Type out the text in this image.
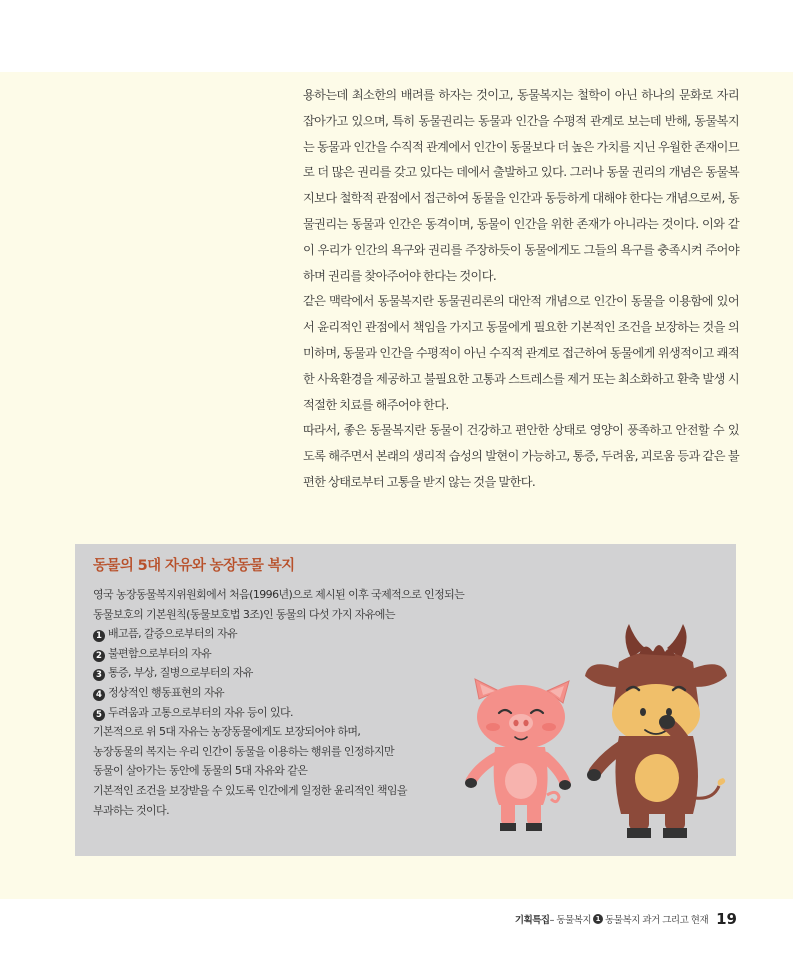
용하는데 최소한의 배려를 하자는 것이고, 동물복지는 철학이 아닌 하나의 문화로 자리 잡아가고 있으며, 특히 동물권리는 동물과 인간을 수평적 관계로 보는데 반해, 동물복지는 동물과 인간을 수직적 관계에서 인간이 동물보다 더 높은 가치를 지닌 우월한 존재이므로 더 많은 권리를 갖고 있다는 데에서 출발하고 있다. 그러나 동물 권리의 개념은 동물복지보다 철학적 관점에서 접근하여 동물을 인간과 동등하게 대해야 한다는 개념으로써, 동물권리는 동물과 인간은 동격이며, 동물이 인간을 위한 존재가 아니라는 것이다. 이와 같이 우리가 인간의 욕구와 권리를 주장하듯이 동물에게도 그들의 욕구를 충족시켜 주어야 하며 권리를 찾아주어야 한다는 것이다.

같은 맥락에서 동물복지란 동물권리론의 대안적 개념으로 인간이 동물을 이용함에 있어서 윤리적인 관점에서 책임을 가지고 동물에게 필요한 기본적인 조건을 보장하는 것을 의미하며, 동물과 인간을 수평적이 아닌 수직적 관계로 접근하여 동물에게 위생적이고 쾌적한 사육환경을 제공하고 불필요한 고통과 스트레스를 제거 또는 최소화하고 환축 발생 시 적절한 치료를 해주어야 한다.

따라서, 좋은 동물복지란 동물이 건강하고 편안한 상태로 영양이 풍족하고 안전할 수 있도록 해주면서 본래의 생리적 습성의 발현이 가능하고, 통증, 두려움, 괴로움 등과 같은 불편한 상태로부터 고통을 받지 않는 것을 말한다.

동물의 5대 자유와 농장동물 복지
영국 농장동물복지위원회에서 처음(1996년)으로 제시된 이후 국제적으로 인정되는
동물보호의 기본원칙(동물보호법 3조)인 동물의 다섯 가지 자유에는
1 배고픔, 갈증으로부터의 자유
2 불편함으로부터의 자유
3 통증, 부상, 질병으로부터의 자유
4 정상적인 행동표현의 자유
5 두려움과 고통으로부터의 자유 등이 있다.
기본적으로 위 5대 자유는 농장동물에게도 보장되어야 하며,
농장동물의 복지는 우리 인간이 동물을 이용하는 행위를 인정하지만
동물이 살아가는 동안에 동물의 5대 자유와 같은
기본적인 조건을 보장받을 수 있도록 인간에게 일정한 윤리적인 책임을
부과하는 것이다.
기획특집 – 동물복지 1 동물복지 과거 그리고 현재 19
